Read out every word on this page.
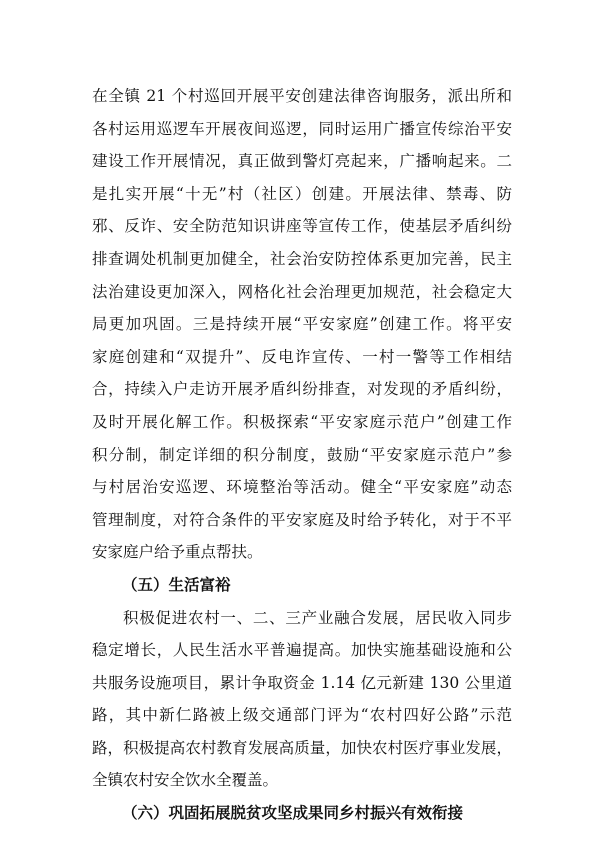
在全镇 21 个村巡回开展平安创建法律咨询服务，派出所和
各村运用巡逻车开展夜间巡逻，同时运用广播宣传综治平安
建设工作开展情况，真正做到警灯亮起来，广播响起来。二
是扎实开展“十无”村（社区）创建。开展法律、禁毒、防
邪、反诈、安全防范知识讲座等宣传工作，使基层矛盾纠纷
排查调处机制更加健全，社会治安防控体系更加完善，民主
法治建设更加深入，网格化社会治理更加规范，社会稳定大
局更加巩固。三是持续开展“平安家庭”创建工作。将平安
家庭创建和“双提升”、反电诈宣传、一村一警等工作相结
合，持续入户走访开展矛盾纠纷排查，对发现的矛盾纠纷，
及时开展化解工作。积极探索“平安家庭示范户”创建工作
积分制，制定详细的积分制度，鼓励“平安家庭示范户”参
与村居治安巡逻、环境整治等活动。健全“平安家庭”动态
管理制度，对符合条件的平安家庭及时给予转化，对于不平
安家庭户给予重点帮扶。
（五）生活富裕
积极促进农村一、二、三产业融合发展，居民收入同步
稳定增长，人民生活水平普遍提高。加快实施基础设施和公
共服务设施项目，累计争取资金 1.14 亿元新建 130 公里道
路，其中新仁路被上级交通部门评为“农村四好公路”示范
路，积极提高农村教育发展高质量，加快农村医疗事业发展，
全镇农村安全饮水全覆盖。
（六）巩固拓展脱贫攻坚成果同乡村振兴有效衔接
